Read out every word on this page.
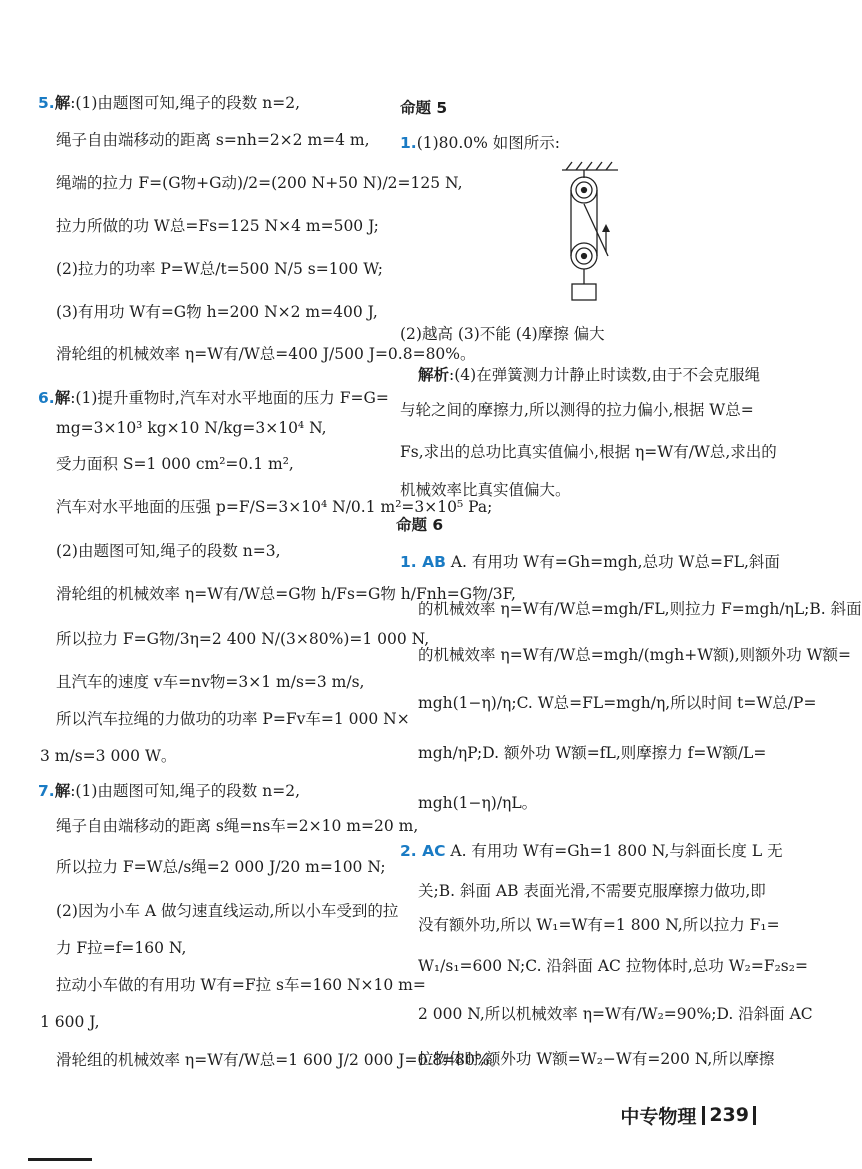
5.解:(1)由题图可知,绳子的段数 n=2,
绳子自由端移动的距离 s=nh=2×2 m=4 m,
绳端的拉力 F=(G物+G动)/2=(200 N+50 N)/2=125 N,
拉力所做的功 W总=Fs=125 N×4 m=500 J;
(2)拉力的功率 P=W总/t=500 N/5 s=100 W;
(3)有用功 W有=G物 h=200 N×2 m=400 J,
滑轮组的机械效率 η=W有/W总=400 J/500 J=0.8=80%。
6.解:(1)提升重物时,汽车对水平地面的压力 F=G=
mg=3×10³ kg×10 N/kg=3×10⁴ N,
受力面积 S=1 000 cm²=0.1 m²,
汽车对水平地面的压强 p=F/S=3×10⁴ N/0.1 m²=3×10⁵ Pa;
(2)由题图可知,绳子的段数 n=3,
滑轮组的机械效率 η=W有/W总=G物 h/Fs=G物 h/Fnh=G物/3F,
所以拉力 F=G物/3η=2 400 N/(3×80%)=1 000 N,
且汽车的速度 v车=nv物=3×1 m/s=3 m/s,
所以汽车拉绳的力做功的功率 P=Fv车=1 000 N×
3 m/s=3 000 W。
7.解:(1)由题图可知,绳子的段数 n=2,
绳子自由端移动的距离 s绳=ns车=2×10 m=20 m,
所以拉力 F=W总/s绳=2 000 J/20 m=100 N;
(2)因为小车 A 做匀速直线运动,所以小车受到的拉
力 F拉=f=160 N,
拉动小车做的有用功 W有=F拉 s车=160 N×10 m=
1 600 J,
滑轮组的机械效率 η=W有/W总=1 600 J/2 000 J=0.8=80%。
命题 5
1.(1)80.0% 如图所示:
(2)越高 (3)不能 (4)摩擦 偏大
解析:(4)在弹簧测力计静止时读数,由于不会克服绳
与轮之间的摩擦力,所以测得的拉力偏小,根据 W总=
Fs,求出的总功比真实值偏小,根据 η=W有/W总,求出的
机械效率比真实值偏大。
命题 6
1. AB A. 有用功 W有=Gh=mgh,总功 W总=FL,斜面
的机械效率 η=W有/W总=mgh/FL,则拉力 F=mgh/ηL;B. 斜面
的机械效率 η=W有/W总=mgh/(mgh+W额),则额外功 W额=
mgh(1−η)/η;C. W总=FL=mgh/η,所以时间 t=W总/P=
mgh/ηP;D. 额外功 W额=fL,则摩擦力 f=W额/L=
mgh(1−η)/ηL。
2. AC A. 有用功 W有=Gh=1 800 N,与斜面长度 L 无
关;B. 斜面 AB 表面光滑,不需要克服摩擦力做功,即
没有额外功,所以 W₁=W有=1 800 N,所以拉力 F₁=
W₁/s₁=600 N;C. 沿斜面 AC 拉物体时,总功 W₂=F₂s₂=
2 000 N,所以机械效率 η=W有/W₂=90%;D. 沿斜面 AC
拉物体时,额外功 W额=W₂−W有=200 N,所以摩擦
中专物理 239
